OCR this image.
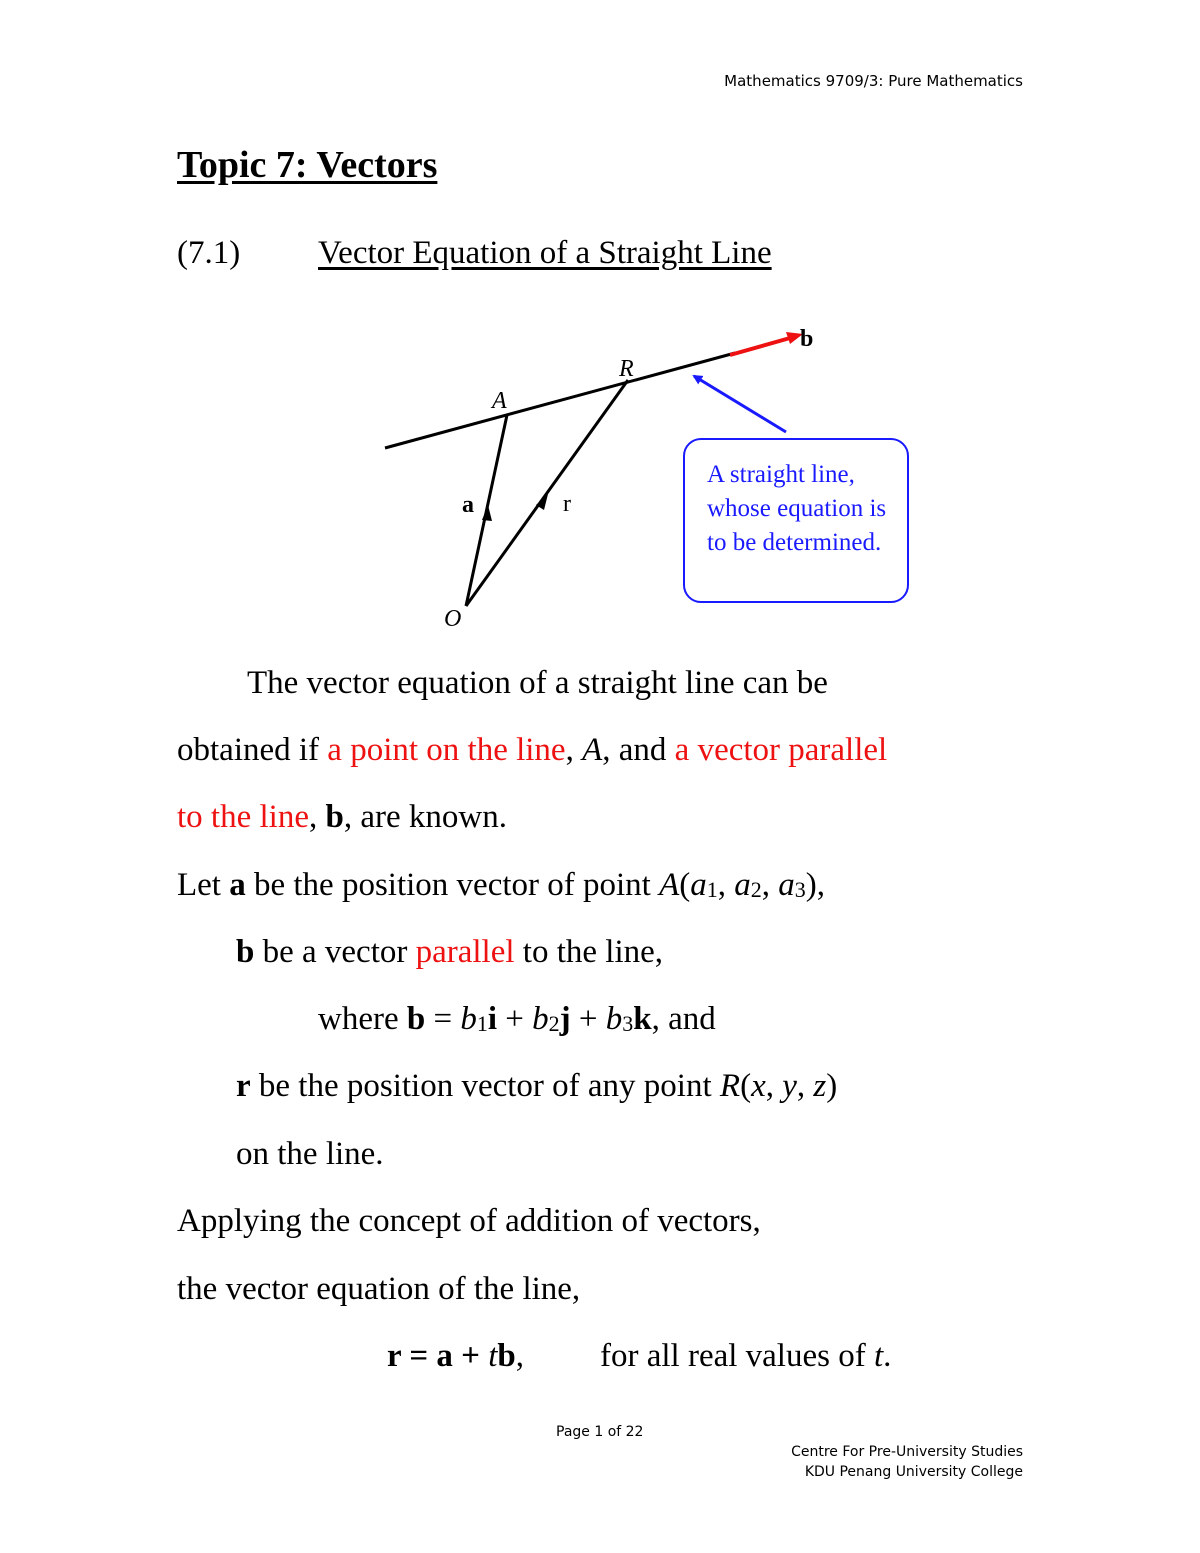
Mathematics 9709/3: Pure Mathematics
Topic 7: Vectors
(7.1) Vector Equation of a Straight Line
A
R
O
a	r
b
A straight line, whose equation is to be determined.
The vector equation of a straight line can be
obtained if a point on the line, A, and a vector parallel
to the line, b, are known.
Let a be the position vector of point A(a1, a2, a3),
b be a vector parallel to the line,
where b = b1i + b2j + b3k, and
r be the position vector of any point R(x, y, z)
on the line.
Applying the concept of addition of vectors,
the vector equation of the line,
r = a + tb, for all real values of t.
Page 1 of 22
Centre For Pre-University Studies
KDU Penang University College
